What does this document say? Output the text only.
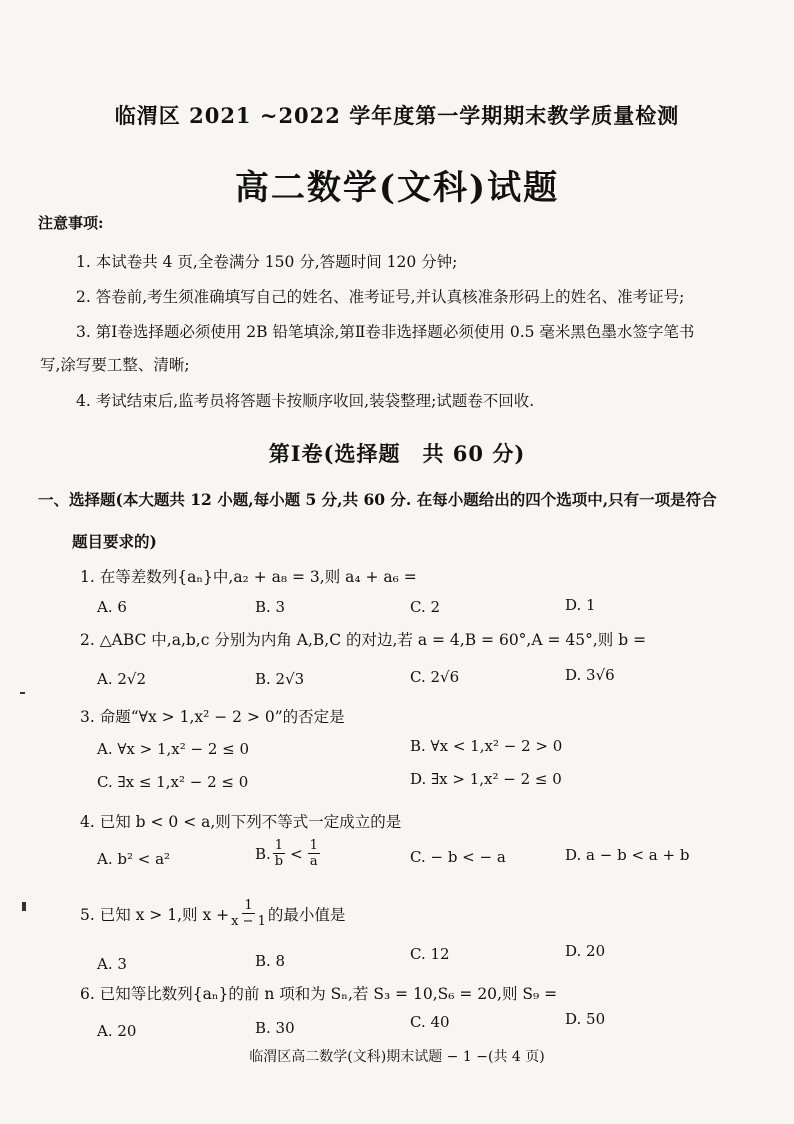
临渭区 2021 ~2022 学年度第一学期期末教学质量检测
高二数学(文科)试题
注意事项:
1. 本试卷共 4 页,全卷满分 150 分,答题时间 120 分钟;
2. 答卷前,考生须准确填写自己的姓名、准考证号,并认真核准条形码上的姓名、准考证号;
3. 第Ⅰ卷选择题必须使用 2B 铅笔填涂,第Ⅱ卷非选择题必须使用 0.5 毫米黑色墨水签字笔书
写,涂写要工整、清晰;
4. 考试结束后,监考员将答题卡按顺序收回,装袋整理;试题卷不回收.
第Ⅰ卷(选择题　共 60 分)
一、选择题(本大题共 12 小题,每小题 5 分,共 60 分. 在每小题给出的四个选项中,只有一项是符合
题目要求的)
1. 在等差数列{aₙ}中,a₂ + a₈ = 3,则 a₄ + a₆ =
A. 6	B. 3	C. 2	D. 1
2. △ABC 中,a,b,c 分别为内角 A,B,C 的对边,若 a = 4,B = 60°,A = 45°,则 b =
A. 2√2	B. 2√3	C. 2√6	D. 3√6
3. 命题“∀x > 1,x² − 2 > 0”的否定是
A. ∀x > 1,x² − 2 ≤ 0	B. ∀x < 1,x² − 2 > 0
C. ∃x ≤ 1,x² − 2 ≤ 0	D. ∃x > 1,x² − 2 ≤ 0
4. 已知 b < 0 < a,则下列不等式一定成立的是
A. b² < a²	B. $\frac{1}{b} < \frac{1}{a}$	C. − b < − a	D. a − b < a + b
5. 已知 x > 1,则 $x + \frac{1}{x - 1}$ 的最小值是
A. 3	B. 8	C. 12	D. 20
6. 已知等比数列{aₙ}的前 n 项和为 Sₙ,若 S₃ = 10,S₆ = 20,则 S₉ =
A. 20	B. 30	C. 40	D. 50
临渭区高二数学(文科)期末试题 − 1 −(共 4 页)
